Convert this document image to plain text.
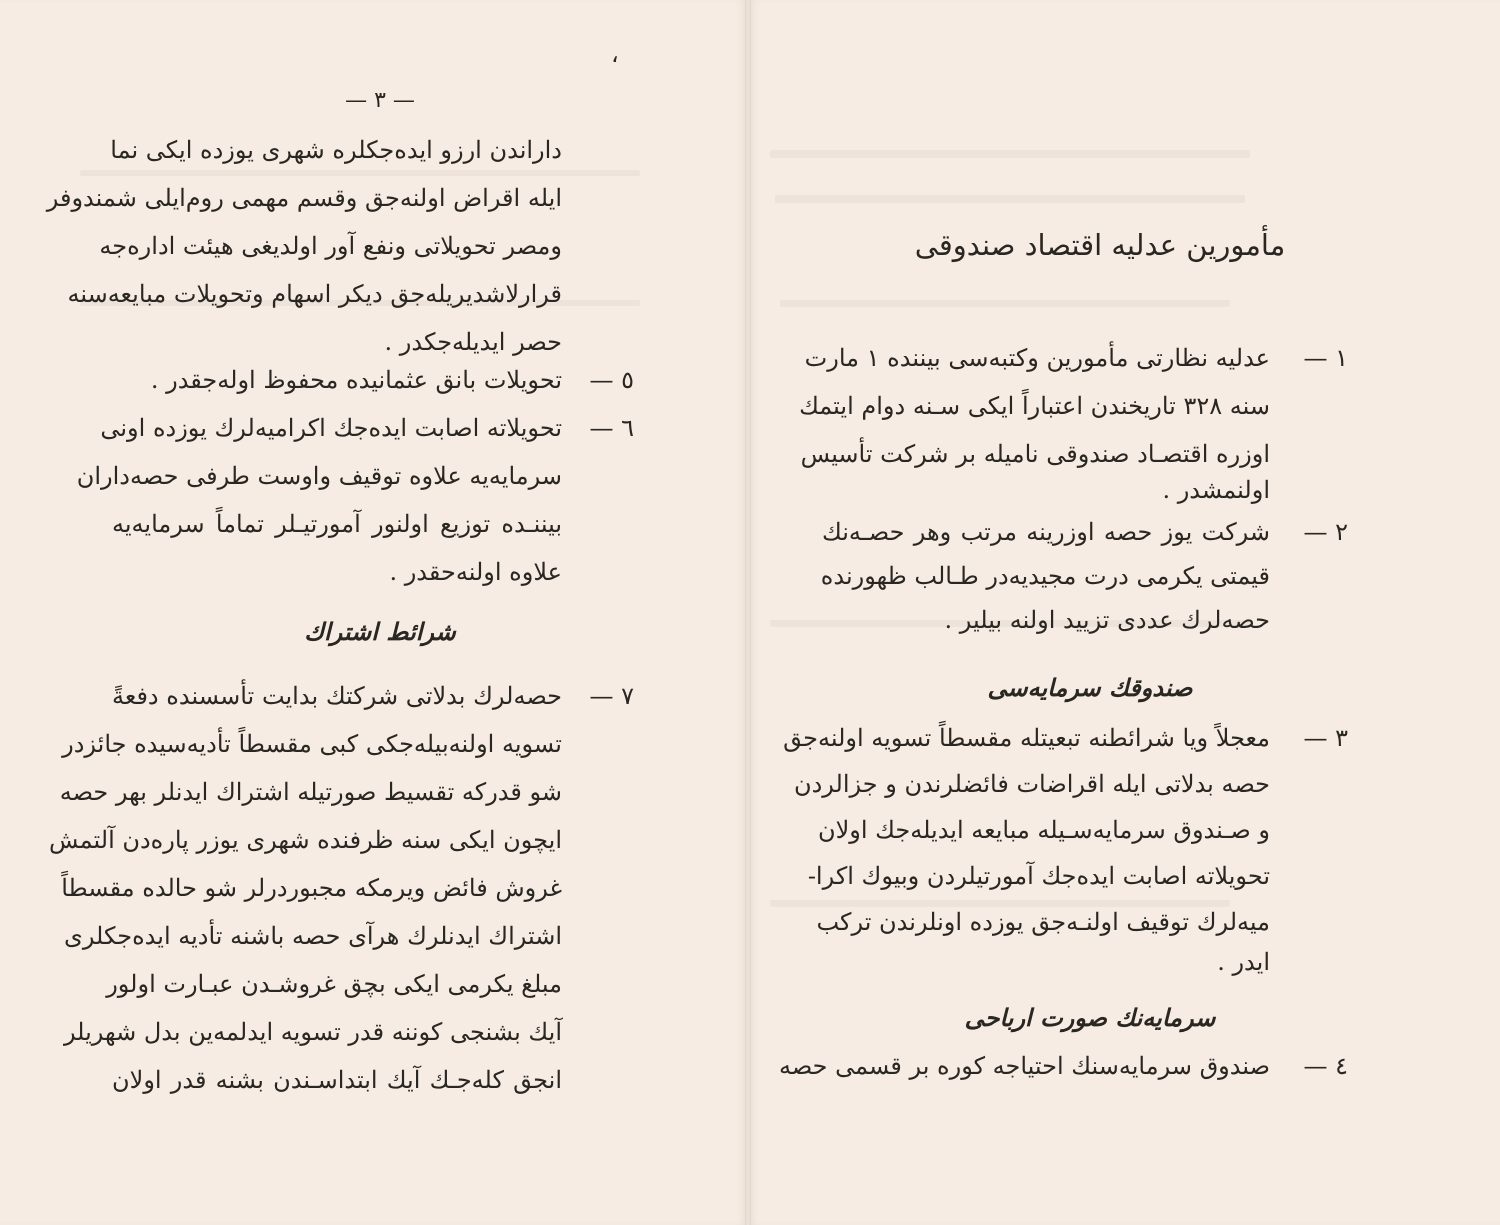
،
— ٣ —
داراندن ارزو ایده‌جکلره شهری یوزده ایکی نما
ایله اقراض اولنه‌جق وقسم مهمی روم‌ایلی شمندوفر
ومصر تحویلاتی ونفع آور اولدیغی هیئت اداره‌جه
قرارلاشدیریله‌جق دیکر اسهام وتحویلات مبایعه‌سنه
حصر ایدیله‌جکدر .
٥ —
تحویلات بانق عثمانیده محفوظ اوله‌جقدر .
٦ —
تحویلاته اصابت ایده‌جك اکرامیه‌لرك یوزده اونی
سرمایه‌یه علاوه توقیف واوست طرفی حصه‌داران
بیننـده توزیع اولنور آمورتیـلر تماماً سرمایه‌یه
علاوه اولنه‌حقدر .
شرائط اشتراك
٧ —
حصه‌لرك بدلاتی شرکتك بدایت تأسسنده دفعةً
تسویه اولنه‌بیله‌جکی کبی مقسطاً تأدیه‌سیده جائزدر
شو قدرکه تقسیط صورتیله اشتراك ایدنلر بهر حصه
ایچون ایکی سنه ظرفنده شهری یوزر پاره‌دن آلتمش
غروش فائض ویرمکه مجبوردرلر شو حالده مقسطاً
اشتراك ایدنلرك هرآی حصه باشنه تأدیه ایده‌جکلری
مبلغ یکرمی ایکی بچق غروشـدن عبـارت اولور
آیك بشنجی کوننه قدر تسویه ایدلمه‌ین بدل شهریلر
انجق کله‌جـك آیك ابتداسـندن بشنه قدر اولان
مأمورین عدلیه اقتصاد صندوقی
١ —
عدلیه نظارتی مأمورین وکتبه‌سی بیننده ١ مارت
سنه ٣٢٨ تاریخندن اعتباراً ایکی سـنه دوام ایتمك
اوزره اقتصـاد صندوقی نامیله بر شرکت تأسیس
اولنمشدر .
٢ —
شرکت یوز حصه اوزرینه مرتب وهر حصـه‌نك
قیمتی یکرمی درت مجیدیه‌در طـالب ظهورنده
حصه‌لرك عددی تزیید اولنه بیلیر .
صندوقك سرمایه‌سی
٣ —
معجلاً ویا شرائطنه تبعیتله مقسطاً تسویه اولنه‌جق
حصه بدلاتی ایله اقراضات فائضلرندن و جزالردن
و صـندوق سرمایه‌سـیله مبایعه ایدیله‌جك اولان
تحویلاته اصابت ایده‌جك آمورتیلردن وبیوك اکرا-
میه‌لرك توقیف اولنـه‌جق یوزده اونلرندن ترکب
ایدر .
سرمایه‌نك صورت ارباحی
٤ —
صندوق سرمایه‌سنك احتیاجه کوره بر قسمی حصه
